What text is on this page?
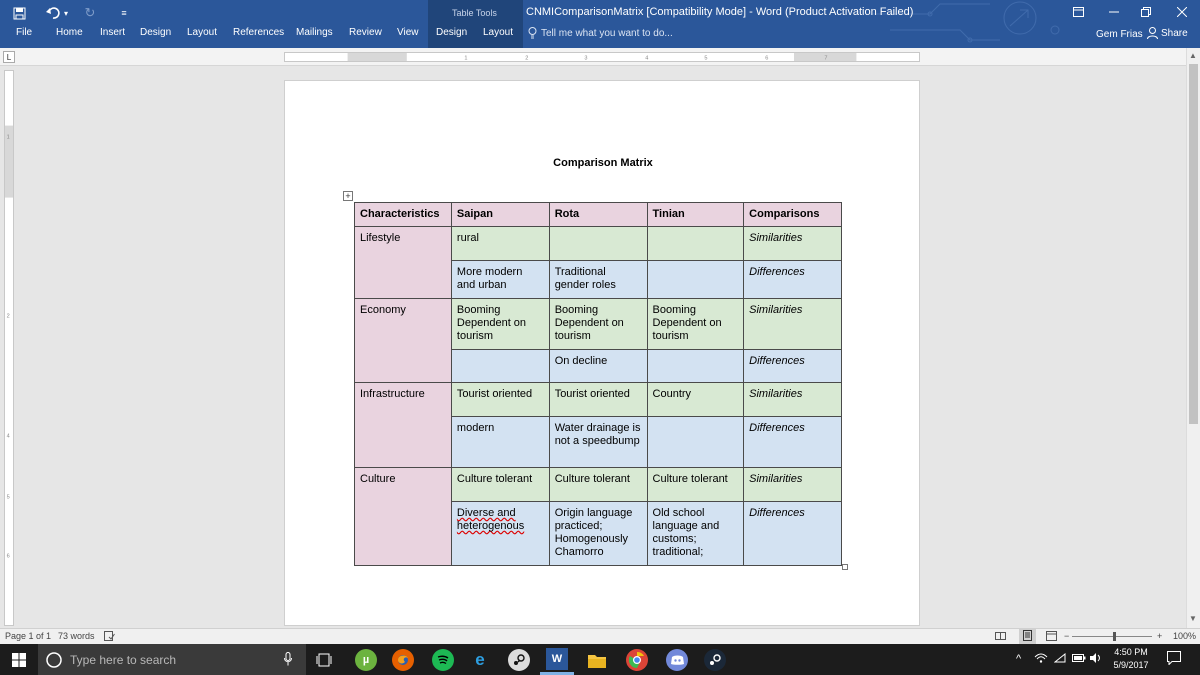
▾ ↻	≡	Table Tools	CNMIComparisonMatrix [Compatibility Mode] - Word (Product Activation Failed)
File Home Insert Design Layout References Mailings Review View Design Layout	Tell me what you want to do...	Gem Frias Share
L	1	2	3	4	5	6	7
1
2
4
5
6
Comparison Matrix
+
Characteristics	Saipan	Rota	Tinian	Comparisons
Lifestyle	rural			Similarities
	More modern and urban	Traditional gender roles		Differences
Economy	Booming Dependent on tourism	Booming Dependent on tourism	Booming Dependent on tourism	Similarities
		On decline		Differences
Infrastructure	Tourist oriented	Tourist oriented	Country	Similarities
	modern	Water drainage is not a speedbump		Differences
Culture	Culture tolerant	Culture tolerant	Culture tolerant	Similarities
	Diverse and heterogenous	Origin language practiced; Homogenously Chamorro	Old school language and customs; traditional;	Differences
▲
▼
Page 1 of 1 73 words	−	+ 100%
Type here to search	µ	e	W	^
4:50 PM
5/9/2017
